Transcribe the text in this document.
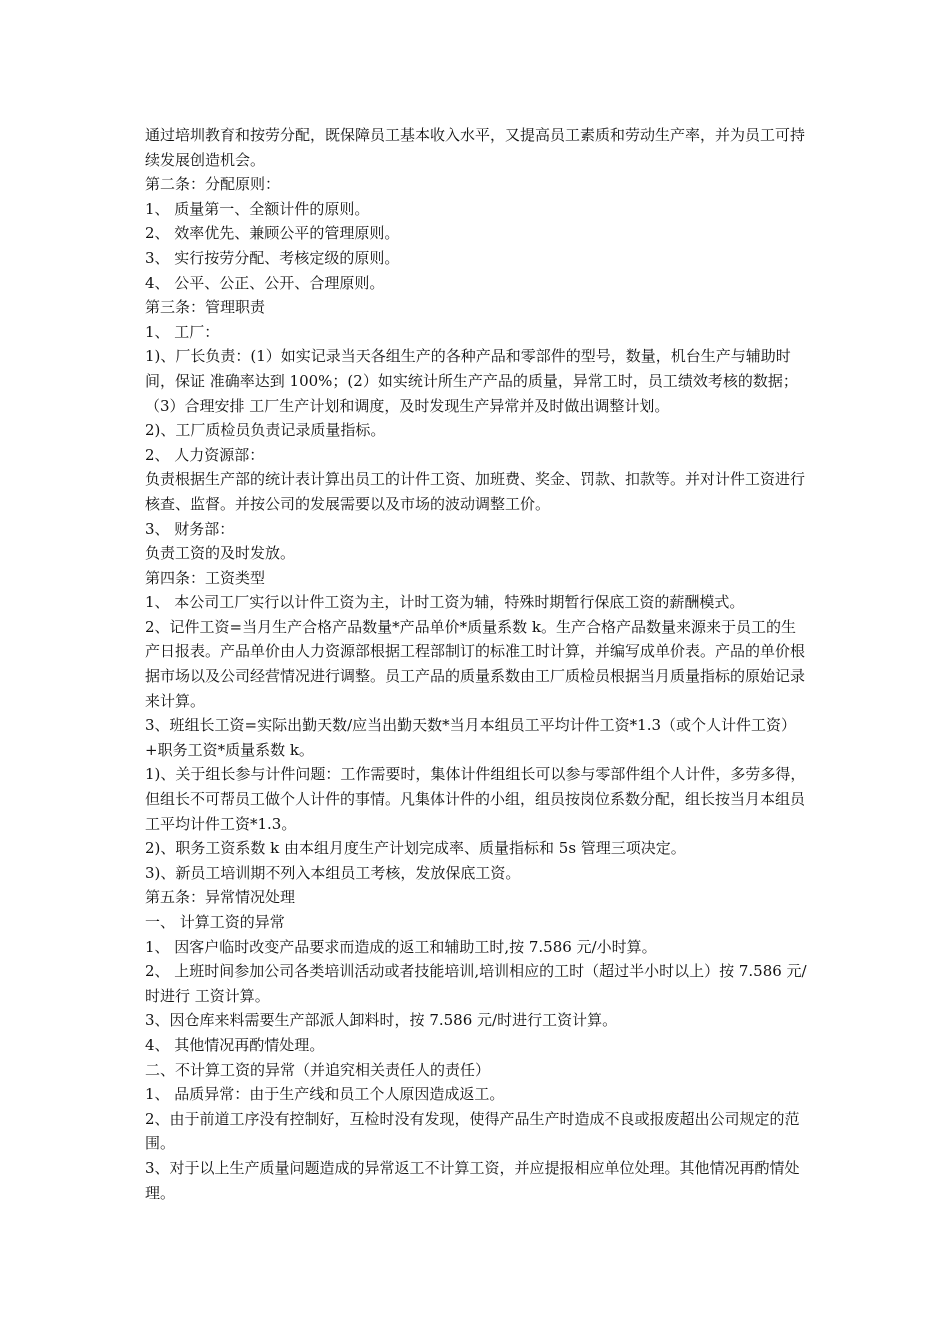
通过培圳教育和按劳分配，既保障员工基本收入水平，又提高员工素质和劳动生产率，并为员工可持续发展创造机会。

第二条：分配原则：

1、 质量第一、全额计件的原则。

2、 效率优先、兼顾公平的管理原则。

3、 实行按劳分配、考核定级的原则。

4、 公平、公正、公开、合理原则。

第三条：管理职责

1、 工厂：

1)、厂长负责：(1）如实记录当天各组生产的各种产品和零部件的型号，数量，机台生产与辅助时间，保证 准确率达到 100%；(2）如实统计所生产产品的质量，异常工时，员工绩效考核的数据；（3）合理安排 工厂生产计划和调度，及时发现生产异常并及时做出调整计划。

2)、工厂质检员负责记录质量指标。

2、 人力资源部：

负责根据生产部的统计表计算出员工的计件工资、加班费、奖金、罚款、扣款等。并对计件工资进行核查、监督。并按公司的发展需要以及市场的波动调整工价。

3、 财务部：

负责工资的及时发放。

第四条：工资类型

1、 本公司工厂实行以计件工资为主，计时工资为辅，特殊时期暂行保底工资的薪酬模式。

2、记件工资=当月生产合格产品数量*产品单价*质量系数 k。生产合格产品数量来源来于员工的生产日报表。产品单价由人力资源部根据工程部制订的标准工时计算，并编写成单价表。产品的单价根据市场以及公司经营情况进行调整。员工产品的质量系数由工厂质检员根据当月质量指标的原始记录来计算。

3、班组长工资=实际出勤天数/应当出勤天数*当月本组员工平均计件工资*1.3（或个人计件工资）+职务工资*质量系数 k。

1)、关于组长参与计件问题：工作需要时，集体计件组组长可以参与零部件组个人计件，多劳多得，但组长不可帮员工做个人计件的事情。凡集体计件的小组，组员按岗位系数分配，组长按当月本组员工平均计件工资*1.3。

2)、职务工资系数 k 由本组月度生产计划完成率、质量指标和 5s 管理三项决定。

3)、新员工培训期不列入本组员工考核，发放保底工资。

第五条：异常情况处理

一、 计算工资的异常

1、 因客户临时改变产品要求而造成的返工和辅助工时,按 7.586 元/小时算。

2、 上班时间参加公司各类培训活动或者技能培训,培训相应的工时（超过半小时以上）按 7.586 元/时进行 工资计算。

3、因仓库来料需要生产部派人卸料时，按 7.586 元/时进行工资计算。

4、 其他情况再酌情处理。

二、不计算工资的异常（并追究相关责任人的责任）

1、 品质异常：由于生产线和员工个人原因造成返工。

2、由于前道工序没有控制好，互检时没有发现，使得产品生产时造成不良或报废超出公司规定的范围。

3、对于以上生产质量问题造成的异常返工不计算工资，并应提报相应单位处理。其他情况再酌情处理。
